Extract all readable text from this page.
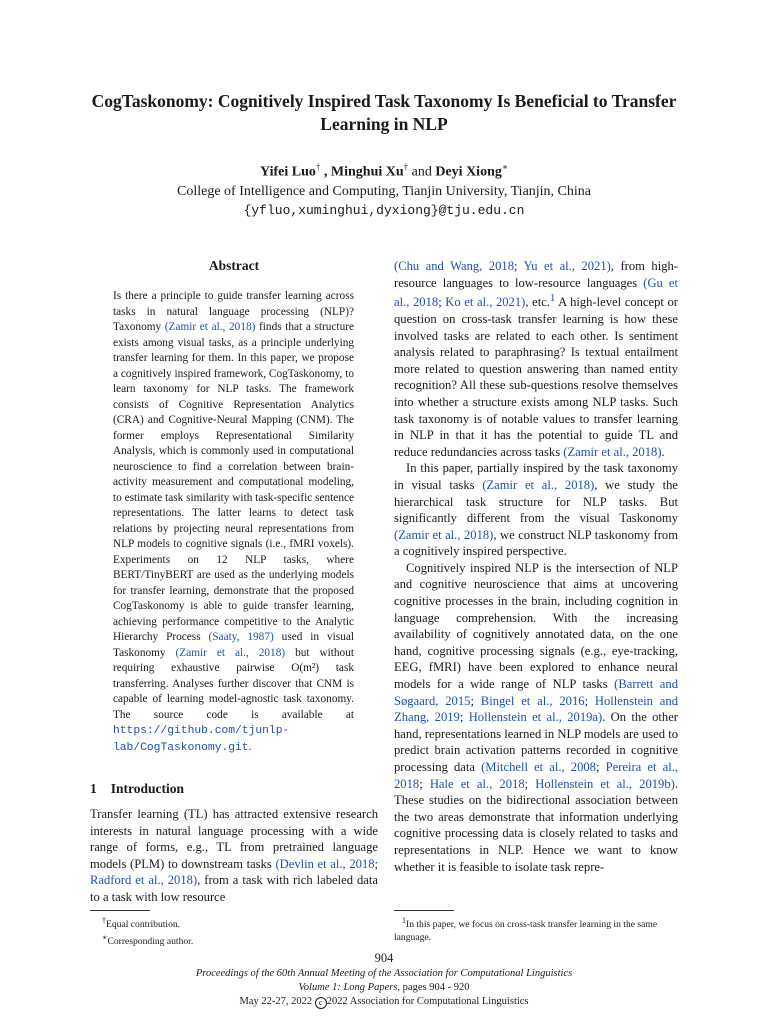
CogTaskonomy: Cognitively Inspired Task Taxonomy Is Beneficial to Transfer Learning in NLP
Yifei Luo† , Minghui Xu† and Deyi Xiong∗
College of Intelligence and Computing, Tianjin University, Tianjin, China
{yfluo,xuminghui,dyxiong}@tju.edu.cn
Abstract
Is there a principle to guide transfer learning across tasks in natural language processing (NLP)? Taxonomy (Zamir et al., 2018) finds that a structure exists among visual tasks, as a principle underlying transfer learning for them. In this paper, we propose a cognitively inspired framework, CogTaskonomy, to learn taxonomy for NLP tasks. The framework consists of Cognitive Representation Analytics (CRA) and Cognitive-Neural Mapping (CNM). The former employs Representational Similarity Analysis, which is commonly used in computational neuroscience to find a correlation between brain-activity measurement and computational modeling, to estimate task similarity with task-specific sentence representations. The latter learns to detect task relations by projecting neural representations from NLP models to cognitive signals (i.e., fMRI voxels). Experiments on 12 NLP tasks, where BERT/TinyBERT are used as the underlying models for transfer learning, demonstrate that the proposed CogTaskonomy is able to guide transfer learning, achieving performance competitive to the Analytic Hierarchy Process (Saaty, 1987) used in visual Taskonomy (Zamir et al., 2018) but without requiring exhaustive pairwise O(m²) task transferring. Analyses further discover that CNM is capable of learning model-agnostic task taxonomy. The source code is available at https://github.com/tjunlp-lab/CogTaskonomy.git.
1 Introduction

Transfer learning (TL) has attracted extensive research interests in natural language processing with a wide range of forms, e.g., TL from pretrained language models (PLM) to downstream tasks (Devlin et al., 2018; Radford et al., 2018), from a task with rich labeled data to a task with low resource

†Equal contribution.
∗Corresponding author.

(Chu and Wang, 2018; Yu et al., 2021), from high-resource languages to low-resource languages (Gu et al., 2018; Ko et al., 2021), etc.$^1$ A high-level concept or question on cross-task transfer learning is how these involved tasks are related to each other. Is sentiment analysis related to paraphrasing? Is textual entailment more related to question answering than named entity recognition? All these sub-questions resolve themselves into whether a structure exists among NLP tasks. Such task taxonomy is of notable values to transfer learning in NLP in that it has the potential to guide TL and reduce redundancies across tasks (Zamir et al., 2018).

In this paper, partially inspired by the task taxonomy in visual tasks (Zamir et al., 2018), we study the hierarchical task structure for NLP tasks. But significantly different from the visual Taskonomy (Zamir et al., 2018), we construct NLP taskonomy from a cognitively inspired perspective.

Cognitively inspired NLP is the intersection of NLP and cognitive neuroscience that aims at uncovering cognitive processes in the brain, including cognition in language comprehension. With the increasing availability of cognitively annotated data, on the one hand, cognitive processing signals (e.g., eye-tracking, EEG, fMRI) have been explored to enhance neural models for a wide range of NLP tasks (Barrett and Søgaard, 2015; Bingel et al., 2016; Hollenstein and Zhang, 2019; Hollenstein et al., 2019a). On the other hand, representations learned in NLP models are used to predict brain activation patterns recorded in cognitive processing data (Mitchell et al., 2008; Pereira et al., 2018; Hale et al., 2018; Hollenstein et al., 2019b). These studies on the bidirectional association between the two areas demonstrate that information underlying cognitive processing data is closely related to tasks and representations in NLP. Hence we want to know whether it is feasible to isolate task repre-

$^1$In this paper, we focus on cross-task transfer learning in the same language.
904
Proceedings of the 60th Annual Meeting of the Association for Computational Linguistics
Volume 1: Long Papers, pages 904 - 920
May 22-27, 2022 c 2022 Association for Computational Linguistics
